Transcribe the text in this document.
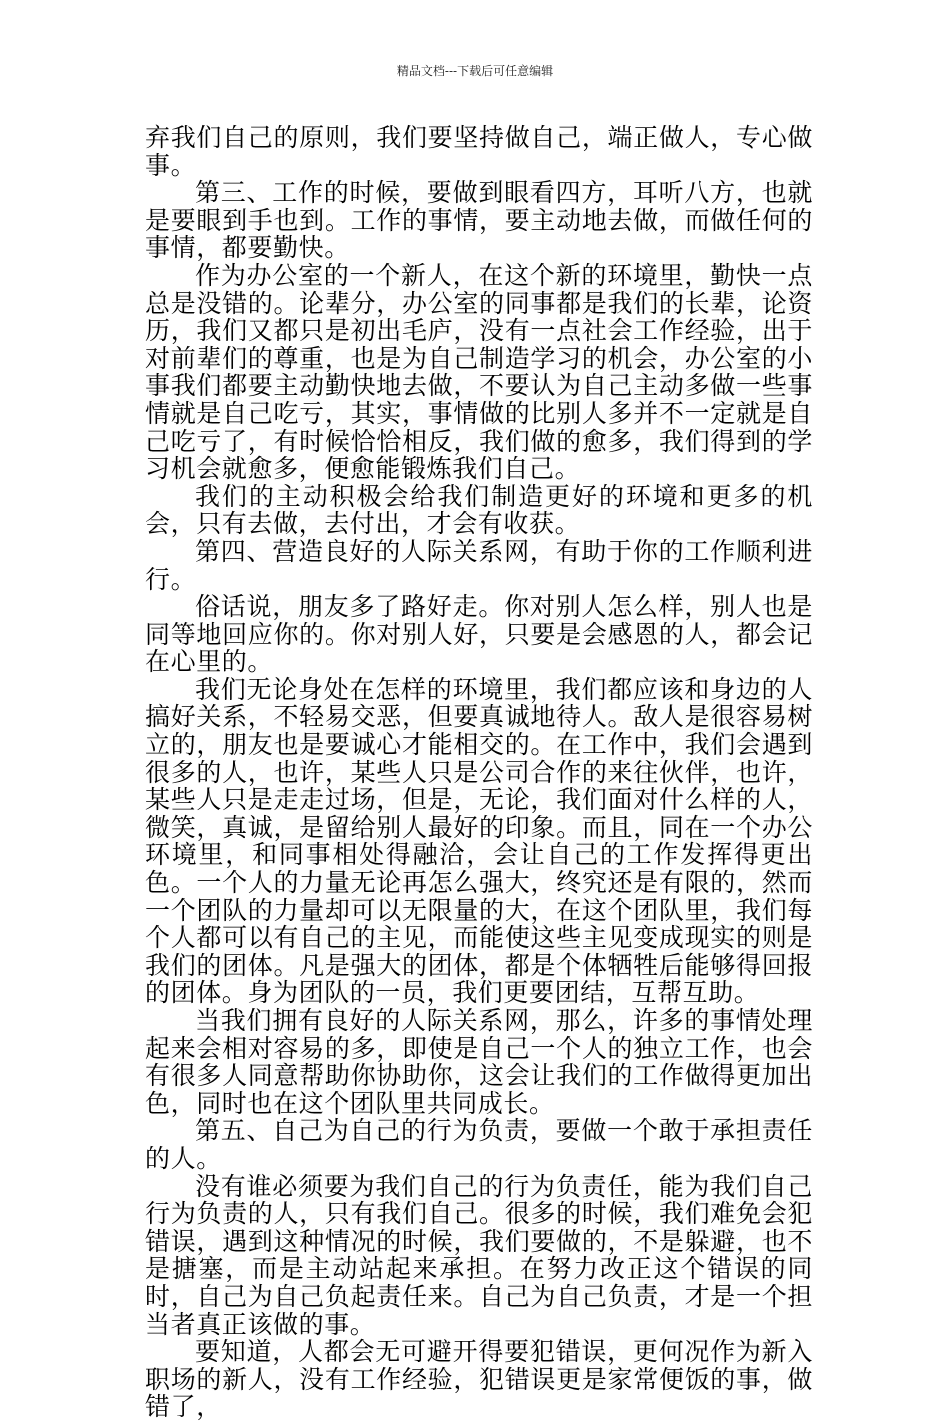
精品文档---下载后可任意编辑

弃我们自己的原则，我们要坚持做自己，端正做人，专心做事。

第三、工作的时候，要做到眼看四方，耳听八方，也就是要眼到手也到。工作的事情，要主动地去做，而做任何的事情，都要勤快。

作为办公室的一个新人，在这个新的环境里，勤快一点总是没错的。论辈分，办公室的同事都是我们的长辈，论资历，我们又都只是初出毛庐，没有一点社会工作经验，出于对前辈们的尊重，也是为自己制造学习的机会，办公室的小事我们都要主动勤快地去做，不要认为自己主动多做一些事情就是自己吃亏，其实，事情做的比别人多并不一定就是自己吃亏了，有时候恰恰相反，我们做的愈多，我们得到的学习机会就愈多，便愈能锻炼我们自己。

我们的主动积极会给我们制造更好的环境和更多的机会，只有去做，去付出，才会有收获。

第四、营造良好的人际关系网，有助于你的工作顺利进行。

俗话说，朋友多了路好走。你对别人怎么样，别人也是同等地回应你的。你对别人好，只要是会感恩的人，都会记在心里的。

我们无论身处在怎样的环境里，我们都应该和身边的人搞好关系，不轻易交恶，但要真诚地待人。敌人是很容易树立的，朋友也是要诚心才能相交的。在工作中，我们会遇到很多的人，也许，某些人只是公司合作的来往伙伴，也许，某些人只是走走过场，但是，无论，我们面对什么样的人，微笑，真诚，是留给别人最好的印象。而且，同在一个办公环境里，和同事相处得融洽，会让自己的工作发挥得更出色。一个人的力量无论再怎么强大，终究还是有限的，然而一个团队的力量却可以无限量的大，在这个团队里，我们每个人都可以有自己的主见，而能使这些主见变成现实的则是我们的团体。凡是强大的团体，都是个体牺牲后能够得回报的团体。身为团队的一员，我们更要团结，互帮互助。

当我们拥有良好的人际关系网，那么，许多的事情处理起来会相对容易的多，即使是自己一个人的独立工作，也会有很多人同意帮助你协助你，这会让我们的工作做得更加出色，同时也在这个团队里共同成长。

第五、自己为自己的行为负责，要做一个敢于承担责任的人。

没有谁必须要为我们自己的行为负责任，能为我们自己行为负责的人，只有我们自己。很多的时候，我们难免会犯错误，遇到这种情况的时候，我们要做的，不是躲避，也不是搪塞，而是主动站起来承担。在努力改正这个错误的同时，自己为自己负起责任来。自己为自己负责，才是一个担当者真正该做的事。

要知道，人都会无可避开得要犯错误，更何况作为新入职场的新人，没有工作经验，犯错误更是家常便饭的事，做错了，
